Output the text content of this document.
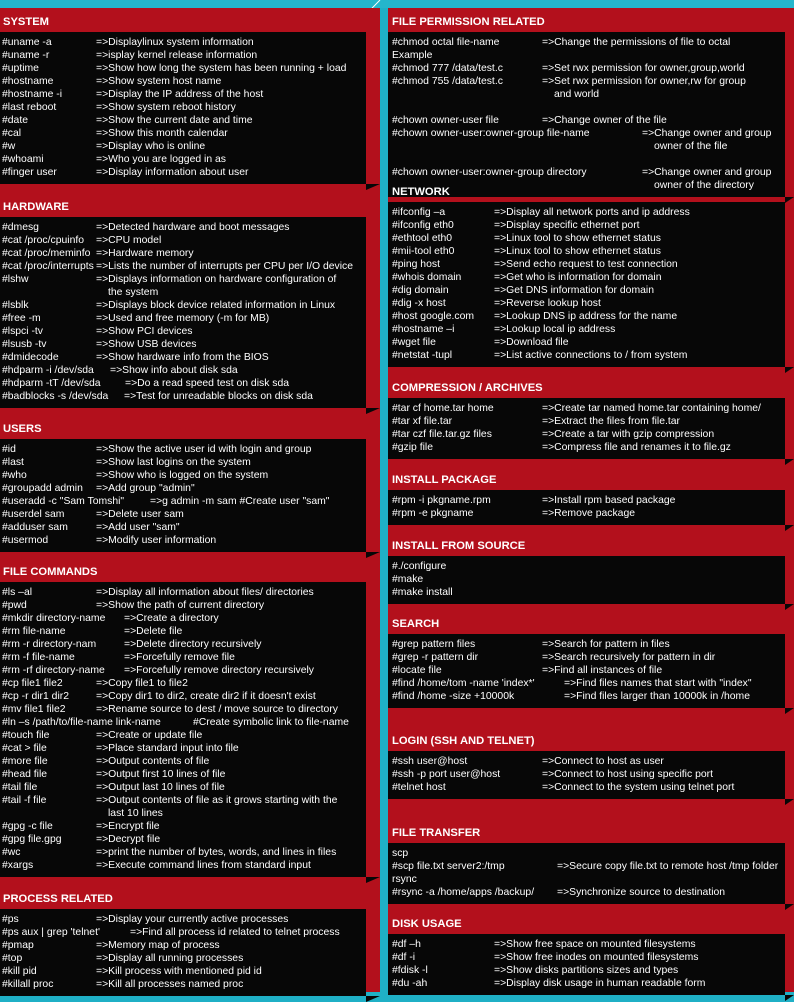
SYSTEM
#uname -a	=>Displaylinux system information
#uname -r	=>isplay kernel release information
#uptime	=>Show how long the system has been running + load
#hostname	=>Show system host name
#hostname -i	=>Display the IP address of the host
#last reboot	=>Show system reboot history
#date	=>Show the current date and time
#cal	=>Show this month calendar
#w	=>Display who is online
#whoami	=>Who you are logged in as
#finger user	=>Display information about user
HARDWARE
#dmesg	=>Detected hardware and boot messages
#cat /proc/cpuinfo =>CPU model
#cat /proc/meminfo =>Hardware memory
#cat /proc/interrupts =>Lists the number of interrupts per CPU per I/O device
#lshw	=>Displays information on hardware configuration of
the system
#lsblk	=>Displays block device related information in Linux
#free -m	=>Used and free memory (-m for MB)
#lspci -tv	=>Show PCI devices
#lsusb -tv	=>Show USB devices
#dmidecode	=>Show hardware info from the BIOS
#hdparm -i /dev/sda =>Show info about disk sda
#hdparm -tT /dev/sda =>Do a read speed test on disk sda
#badblocks -s /dev/sda =>Test for unreadable blocks on disk sda
USERS
#id	=>Show the active user id with login and group
#last	=>Show last logins on the system
#who	=>Show who is logged on the system
#groupadd admin =>Add group "admin"
#useradd -c "Sam Tomshi" =>g admin -m sam #Create user "sam"
#userdel sam	=>Delete user sam
#adduser sam	=>Add user "sam"
#usermod	=>Modify user information
FILE COMMANDS
#ls –al	=>Display all information about files/ directories
#pwd	=>Show the path of current directory
#mkdir directory-name =>Create a directory
#rm file-name	=>Delete file
#rm -r directory-nam	=>Delete directory recursively
#rm -f file-name	=>Forcefully remove file
#rm -rf directory-name =>Forcefully remove directory recursively
#cp file1 file2	=>Copy file1 to file2
#cp -r dir1 dir2	=>Copy dir1 to dir2, create dir2 if it doesn't exist
#mv file1 file2	=>Rename source to dest / move source to directory
#ln –s /path/to/file-name link-name	#Create symbolic link to file-name
#touch file	=>Create or update file
#cat > file	=>Place standard input into file
#more file	=>Output contents of file
#head file	=>Output first 10 lines of file
#tail file	=>Output last 10 lines of file
#tail -f file	=>Output contents of file as it grows starting with the
last 10 lines
#gpg -c file	=>Encrypt file
#gpg file.gpg	=>Decrypt file
#wc	=>print the number of bytes, words, and lines in files
#xargs	=>Execute command lines from standard input
PROCESS RELATED
#ps	=>Display your currently active processes
#ps aux | grep 'telnet'	=>Find all process id related to telnet process
#pmap	=>Memory map of process
#top	=>Display all running processes
#kill pid	=>Kill process with mentioned pid id
#killall proc	=>Kill all processes named proc
FILE PERMISSION RELATED
#chmod octal file-name	=>Change the permissions of file to octal
Example
#chmod 777 /data/test.c	=>Set rwx permission for owner,group,world
#chmod 755 /data/test.c	=>Set rwx permission for owner,rw for group
and world
#chown owner-user file	=>Change owner of the file
#chown owner-user:owner-group file-name	=>Change owner and group
owner of the file
#chown owner-user:owner-group directory	=>Change owner and group
owner of the directory
NETWORK
#ifconfig –a	=>Display all network ports and ip address
#ifconfig eth0	=>Display specific ethernet port
#ethtool eth0	=>Linux tool to show ethernet status
#mii-tool eth0	=>Linux tool to show ethernet status
#ping host	=>Send echo request to test connection
#whois domain	=>Get who is information for domain
#dig domain	=>Get DNS information for domain
#dig -x host	=>Reverse lookup host
#host google.com =>Lookup DNS ip address for the name
#hostname –i	=>Lookup local ip address
#wget file	=>Download file
#netstat -tupl	=>List active connections to / from system
COMPRESSION / ARCHIVES
#tar cf home.tar home	=>Create tar named home.tar containing home/
#tar xf file.tar	=>Extract the files from file.tar
#tar czf file.tar.gz files	=>Create a tar with gzip compression
#gzip file	=>Compress file and renames it to file.gz
INSTALL PACKAGE
#rpm -i pkgname.rpm	=>Install rpm based package
#rpm -e pkgname	=>Remove package
INSTALL FROM SOURCE
#./configure
#make
#make install
SEARCH
#grep pattern files	=>Search for pattern in files
#grep -r pattern dir	=>Search recursively for pattern in dir
#locate file	=>Find all instances of file
#find /home/tom -name 'index*'	=>Find files names that start with "index"
#find /home -size +10000k	=>Find files larger than 10000k in /home
LOGIN (SSH AND TELNET)
#ssh user@host	=>Connect to host as user
#ssh -p port user@host	=>Connect to host using specific port
#telnet host	=>Connect to the system using telnet port
FILE TRANSFER
scp
#scp file.txt server2:/tmp	=>Secure copy file.txt to remote host /tmp folder
rsync
#rsync -a /home/apps /backup/ =>Synchronize source to destination
DISK USAGE
#df –h	=>Show free space on mounted filesystems
#df -i	=>Show free inodes on mounted filesystems
#fdisk -l	=>Show disks partitions sizes and types
#du -ah	=>Display disk usage in human readable form
